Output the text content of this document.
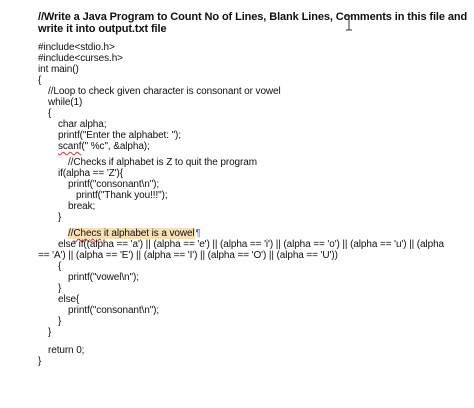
//Write a Java Program to Count No of Lines, Blank Lines, Comments in this file and
write it into output.txt file
#include<stdio.h>
#include<curses.h>
int main()
{
//Loop to check given character is consonant or vowel
while(1)
{
char alpha;
printf("Enter the alphabet: ");
scanf(" %c", &alpha);
//Checks if alphabet is Z to quit the program
if(alpha == 'Z'){
printf("consonant\n");
printf("Thank you!!!");
break;
}
//Checs it alphabet is a vowel¶
else if((alpha == 'a') || (alpha == 'e') || (alpha == 'i') || (alpha == 'o') || (alpha == 'u') || (alpha
== 'A') || (alpha == 'E') || (alpha == 'I') || (alpha == 'O') || (alpha == 'U'))
{
printf("vowel\n");
}
else{
printf("consonant\n");
}
}
return 0;
}
